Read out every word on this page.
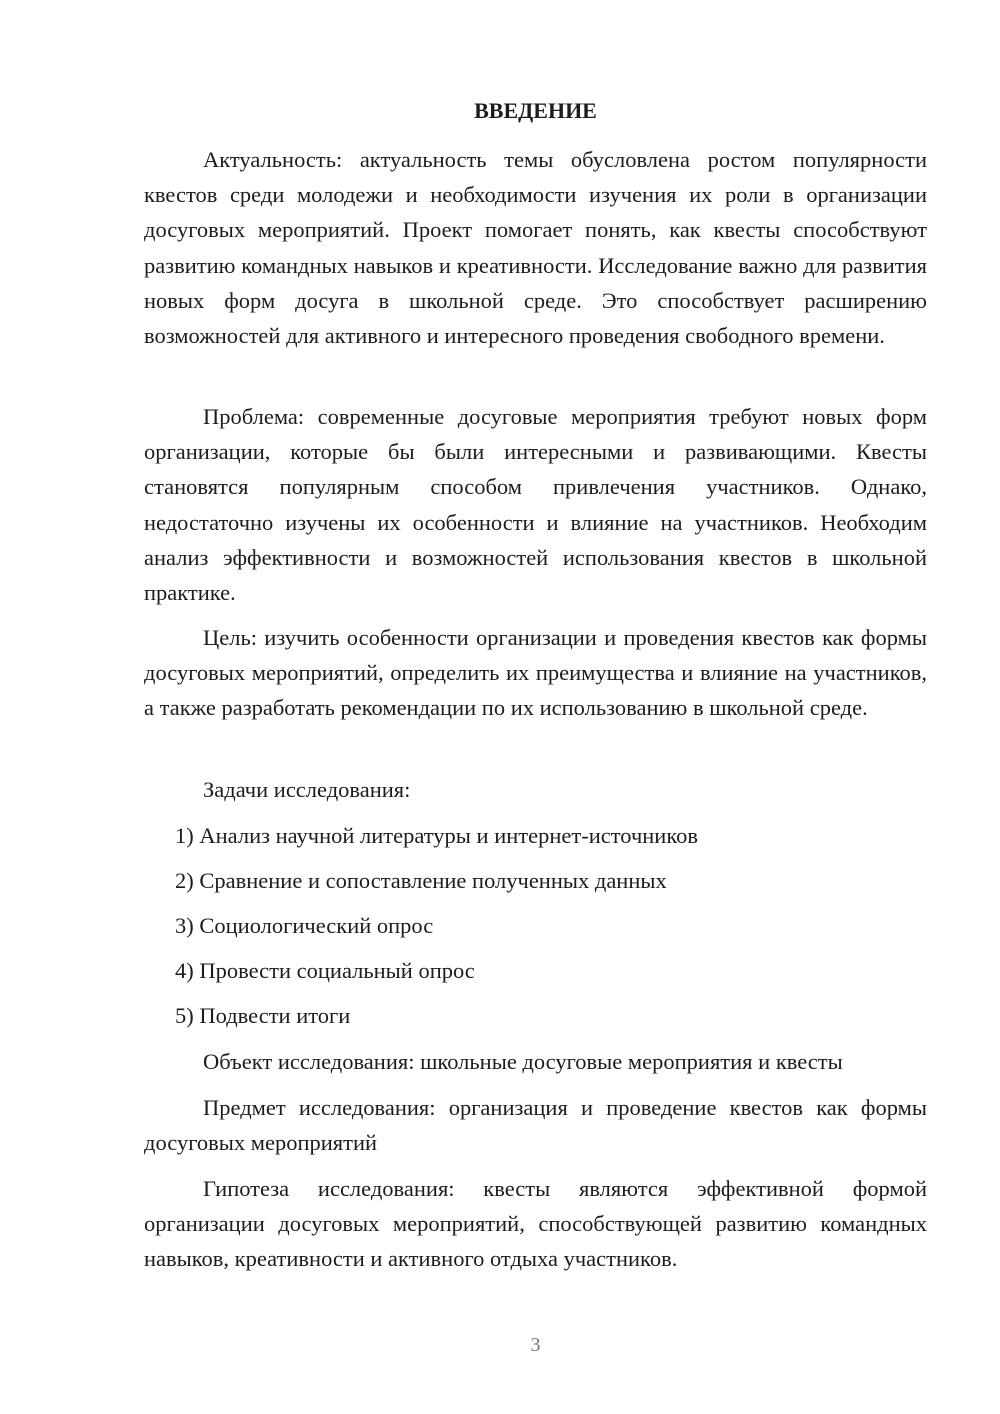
ВВЕДЕНИЕ

Актуальность: актуальность темы обусловлена ростом популярности квестов среди молодежи и необходимости изучения их роли в организации досуговых мероприятий. Проект помогает понять, как квесты способствуют развитию командных навыков и креативности. Исследование важно для развития новых форм досуга в школьной среде. Это способствует расширению возможностей для активного и интересного проведения свободного времени.

Проблема: современные досуговые мероприятия требуют новых форм организации, которые бы были интересными и развивающими. Квесты становятся популярным способом привлечения участников. Однако, недостаточно изучены их особенности и влияние на участников. Необходим анализ эффективности и возможностей использования квестов в школьной практике.

Цель: изучить особенности организации и проведения квестов как формы досуговых мероприятий, определить их преимущества и влияние на участников, а также разработать рекомендации по их использованию в школьной среде.

Задачи исследования:

1) Анализ научной литературы и интернет-источников

2) Сравнение и сопоставление полученных данных

3) Социологический опрос

4) Провести социальный опрос

5) Подвести итоги

Объект исследования: школьные досуговые мероприятия и квесты

Предмет исследования: организация и проведение квестов как формы досуговых мероприятий

Гипотеза исследования: квесты являются эффективной формой организации досуговых мероприятий, способствующей развитию командных навыков, креативности и активного отдыха участников.

3
